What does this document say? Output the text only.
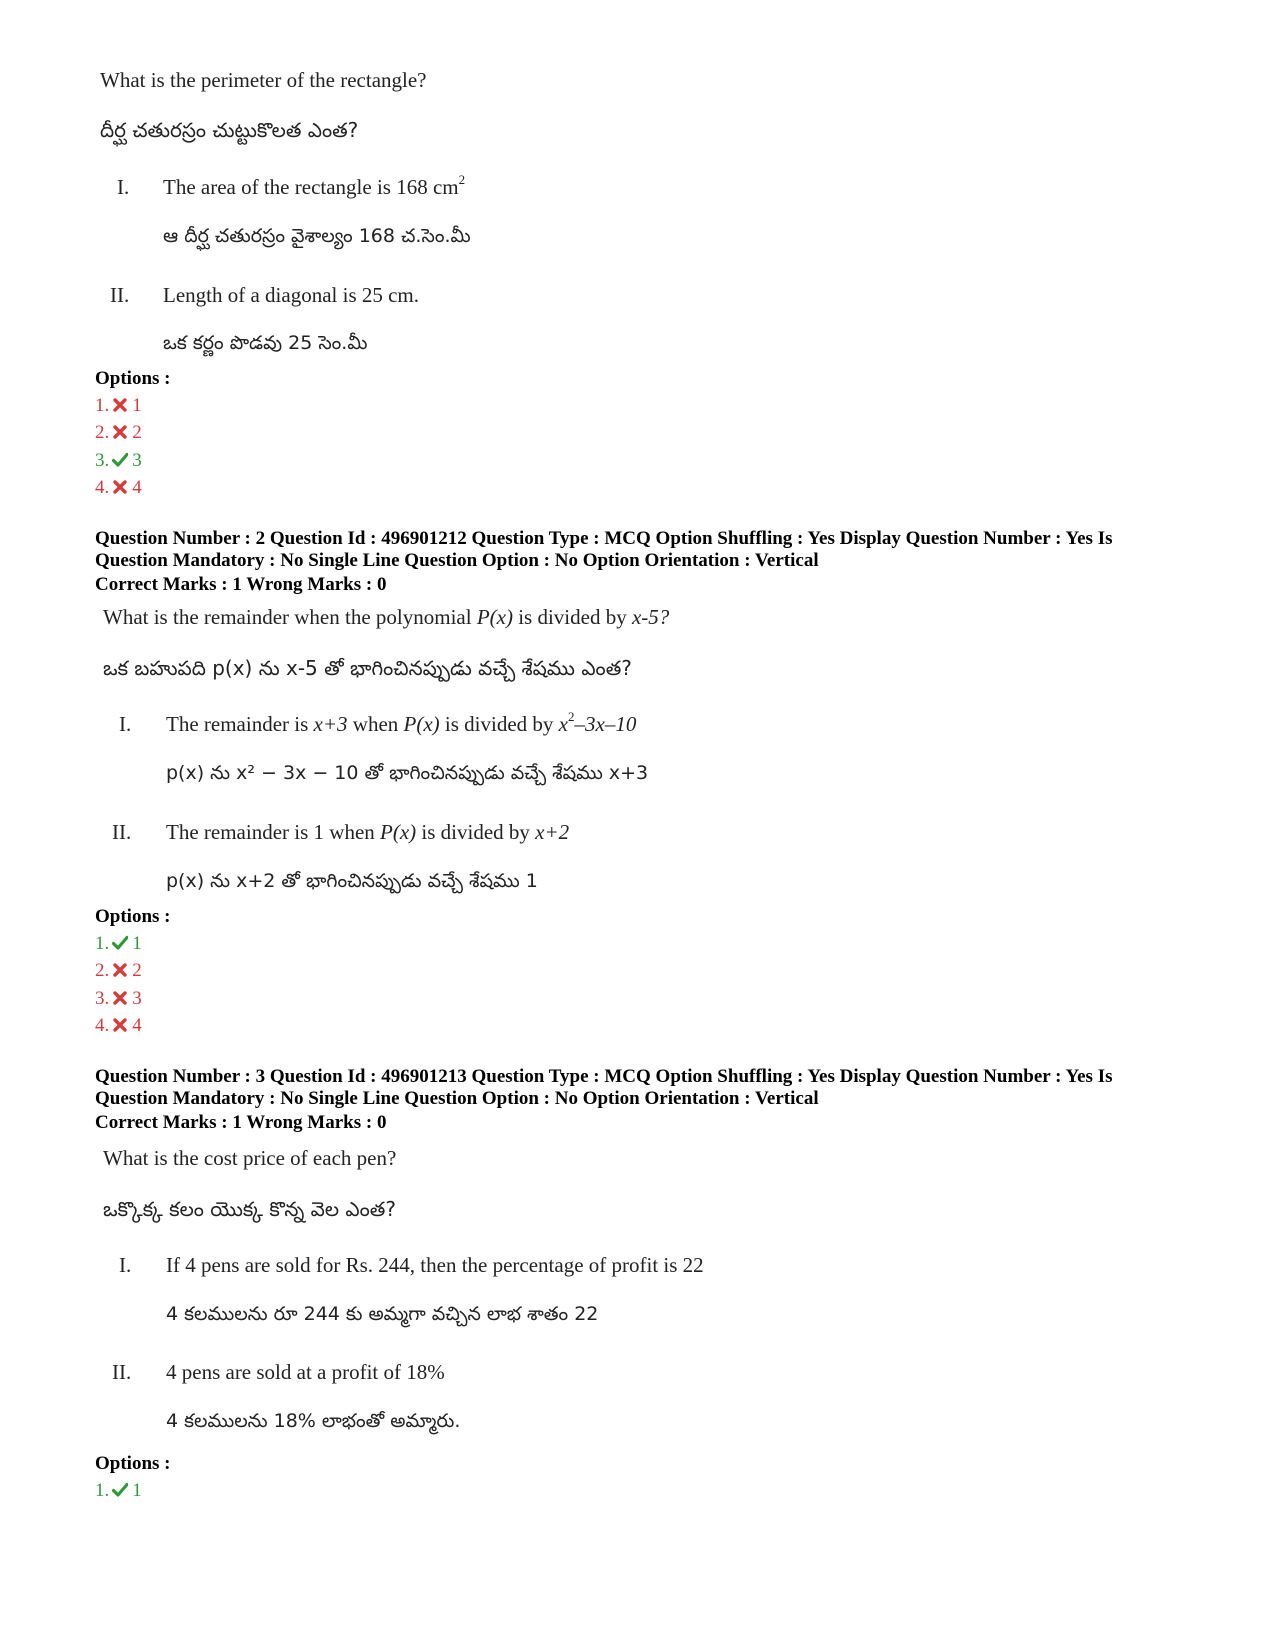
What is the perimeter of the rectangle?
దీర్ఘ చతురస్రం చుట్టుకొలత ఎంత?
I. The area of the rectangle is 168 $cm^2$
ఆ దీర్ఘ చతురస్రం వైశాల్యం 168 చ.సెం.మీ
II. Length of a diagonal is 25 cm.
ఒక కర్ణం పొడవు 25 సెం.మీ
Options :
1. 1
2. 2
3. 3
4. 4
Question Number : 2 Question Id : 496901212 Question Type : MCQ Option Shuffling : Yes Display Question Number : Yes Is
Question Mandatory : No Single Line Question Option : No Option Orientation : Vertical
Correct Marks : 1 Wrong Marks : 0
What is the remainder when the polynomial P(x) is divided by x-5?
ఒక బహుపది p(x) ను x-5 తో భాగించినప్పుడు వచ్చే శేషము ఎంత?
I. The remainder is x+3 when P(x) is divided by $x^2-3x-10$
p(x) ను x² − 3x − 10 తో భాగించినప్పుడు వచ్చే శేషము x+3
II. The remainder is 1 when P(x) is divided by x+2
p(x) ను x+2 తో భాగించినప్పుడు వచ్చే శేషము 1
Options :
1. 1
2. 2
3. 3
4. 4
Question Number : 3 Question Id : 496901213 Question Type : MCQ Option Shuffling : Yes Display Question Number : Yes Is
Question Mandatory : No Single Line Question Option : No Option Orientation : Vertical
Correct Marks : 1 Wrong Marks : 0
What is the cost price of each pen?
ఒక్కొక్క కలం యొక్క కొన్న వెల ఎంత?
I. If 4 pens are sold for Rs. 244, then the percentage of profit is 22
4 కలములను రూ 244 కు అమ్మగా వచ్చిన లాభ శాతం 22
II. 4 pens are sold at a profit of 18%
4 కలములను 18% లాభంతో అమ్మారు.
Options :
1. 1
